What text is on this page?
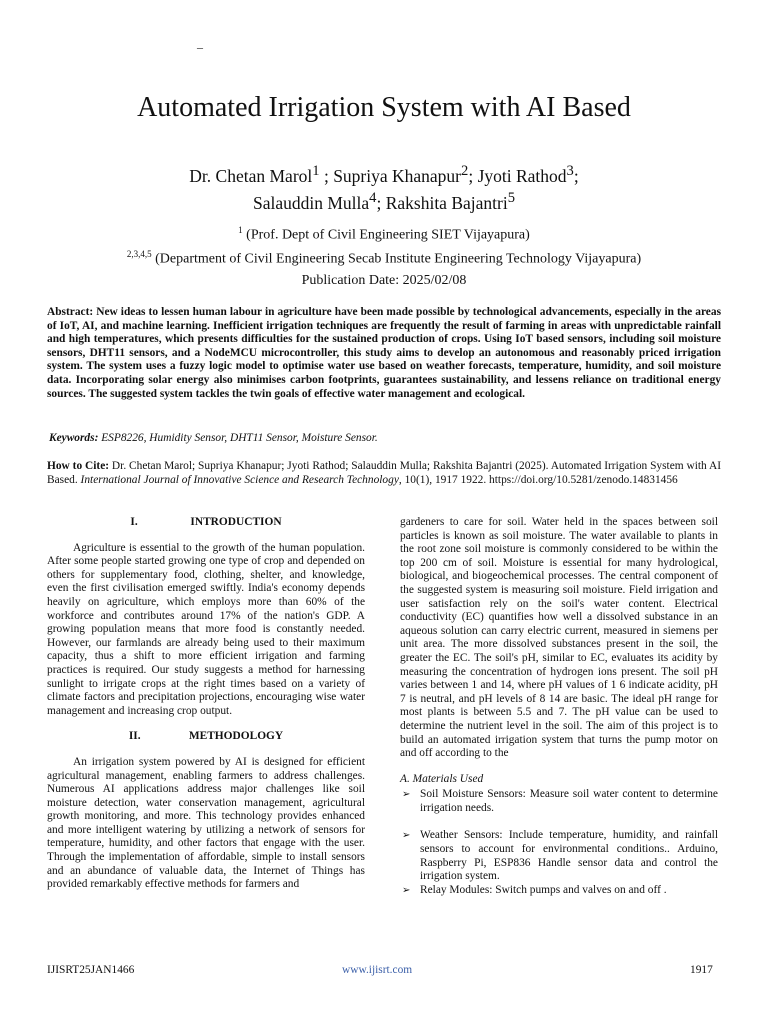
–
Automated Irrigation System with AI Based
Dr. Chetan Marol$^1$ ; Supriya Khanapur$^2$; Jyoti Rathod$^3$;
Salauddin Mulla$^4$; Rakshita Bajantri$^5$
$^1$ (Prof. Dept of Civil Engineering SIET Vijayapura)
$^{2,3,4,5}$ (Department of Civil Engineering Secab Institute Engineering Technology Vijayapura)
Publication Date: 2025/02/08
Abstract: New ideas to lessen human labour in agriculture have been made possible by technological advancements, especially in the areas of IoT, AI, and machine learning. Inefficient irrigation techniques are frequently the result of farming in areas with unpredictable rainfall and high temperatures, which presents difficulties for the sustained production of crops. Using IoT based sensors, including soil moisture sensors, DHT11 sensors, and a NodeMCU microcontroller, this study aims to develop an autonomous and reasonably priced irrigation system. The system uses a fuzzy logic model to optimise water use based on weather forecasts, temperature, humidity, and soil moisture data. Incorporating solar energy also minimises carbon footprints, guarantees sustainability, and lessens reliance on traditional energy sources. The suggested system tackles the twin goals of effective water management and ecological.
Keywords: ESP8226, Humidity Sensor, DHT11 Sensor, Moisture Sensor.
How to Cite: Dr. Chetan Marol; Supriya Khanapur; Jyoti Rathod; Salauddin Mulla; Rakshita Bajantri (2025). Automated Irrigation System with AI Based. International Journal of Innovative Science and Research Technology, 10(1), 1917 1922. https://doi.org/10.5281/zenodo.14831456
I.	INTRODUCTION

Agriculture is essential to the growth of the human population. After some people started growing one type of crop and depended on others for supplementary food, clothing, shelter, and knowledge, even the first civilisation emerged swiftly. India's economy depends heavily on agriculture, which employs more than 60% of the workforce and contributes around 17% of the nation's GDP. A growing population means that more food is constantly needed. However, our farmlands are already being used to their maximum capacity, thus a shift to more efficient irrigation and farming practices is required. Our study suggests a method for harnessing sunlight to irrigate crops at the right times based on a variety of climate factors and precipitation projections, encouraging wise water management and increasing crop output.

II.	METHODOLOGY

An irrigation system powered by AI is designed for efficient agricultural management, enabling farmers to address challenges. Numerous AI applications address major challenges like soil moisture detection, water conservation management, agricultural growth monitoring, and more. This technology provides enhanced and more intelligent watering by utilizing a network of sensors for temperature, humidity, and other factors that engage with the user. Through the implementation of affordable, simple to install sensors and an abundance of valuable data, the Internet of Things has provided remarkably effective methods for farmers and

gardeners to care for soil. Water held in the spaces between soil particles is known as soil moisture. The water available to plants in the root zone soil moisture is commonly considered to be within the top 200 cm of soil. Moisture is essential for many hydrological, biological, and biogeochemical processes. The central component of the suggested system is measuring soil moisture. Field irrigation and user satisfaction rely on the soil's water content. Electrical conductivity (EC) quantifies how well a dissolved substance in an aqueous solution can carry electric current, measured in siemens per unit area. The more dissolved substances present in the soil, the greater the EC. The soil's pH, similar to EC, evaluates its acidity by measuring the concentration of hydrogen ions present. The soil pH varies between 1 and 14, where pH values of 1 6 indicate acidity, pH 7 is neutral, and pH levels of 8 14 are basic. The ideal pH range for most plants is between 5.5 and 7. The pH value can be used to determine the nutrient level in the soil. The aim of this project is to build an automated irrigation system that turns the pump motor on and off according to the

A. Materials Used
➢ Soil Moisture Sensors: Measure soil water content to determine irrigation needs.
➢ Weather Sensors: Include temperature, humidity, and rainfall sensors to account for environmental conditions.. Arduino, Raspberry Pi, ESP836 Handle sensor data and control the irrigation system.
➢ Relay Modules: Switch pumps and valves on and off .
IJISRT25JAN1466	www.ijisrt.com	1917
